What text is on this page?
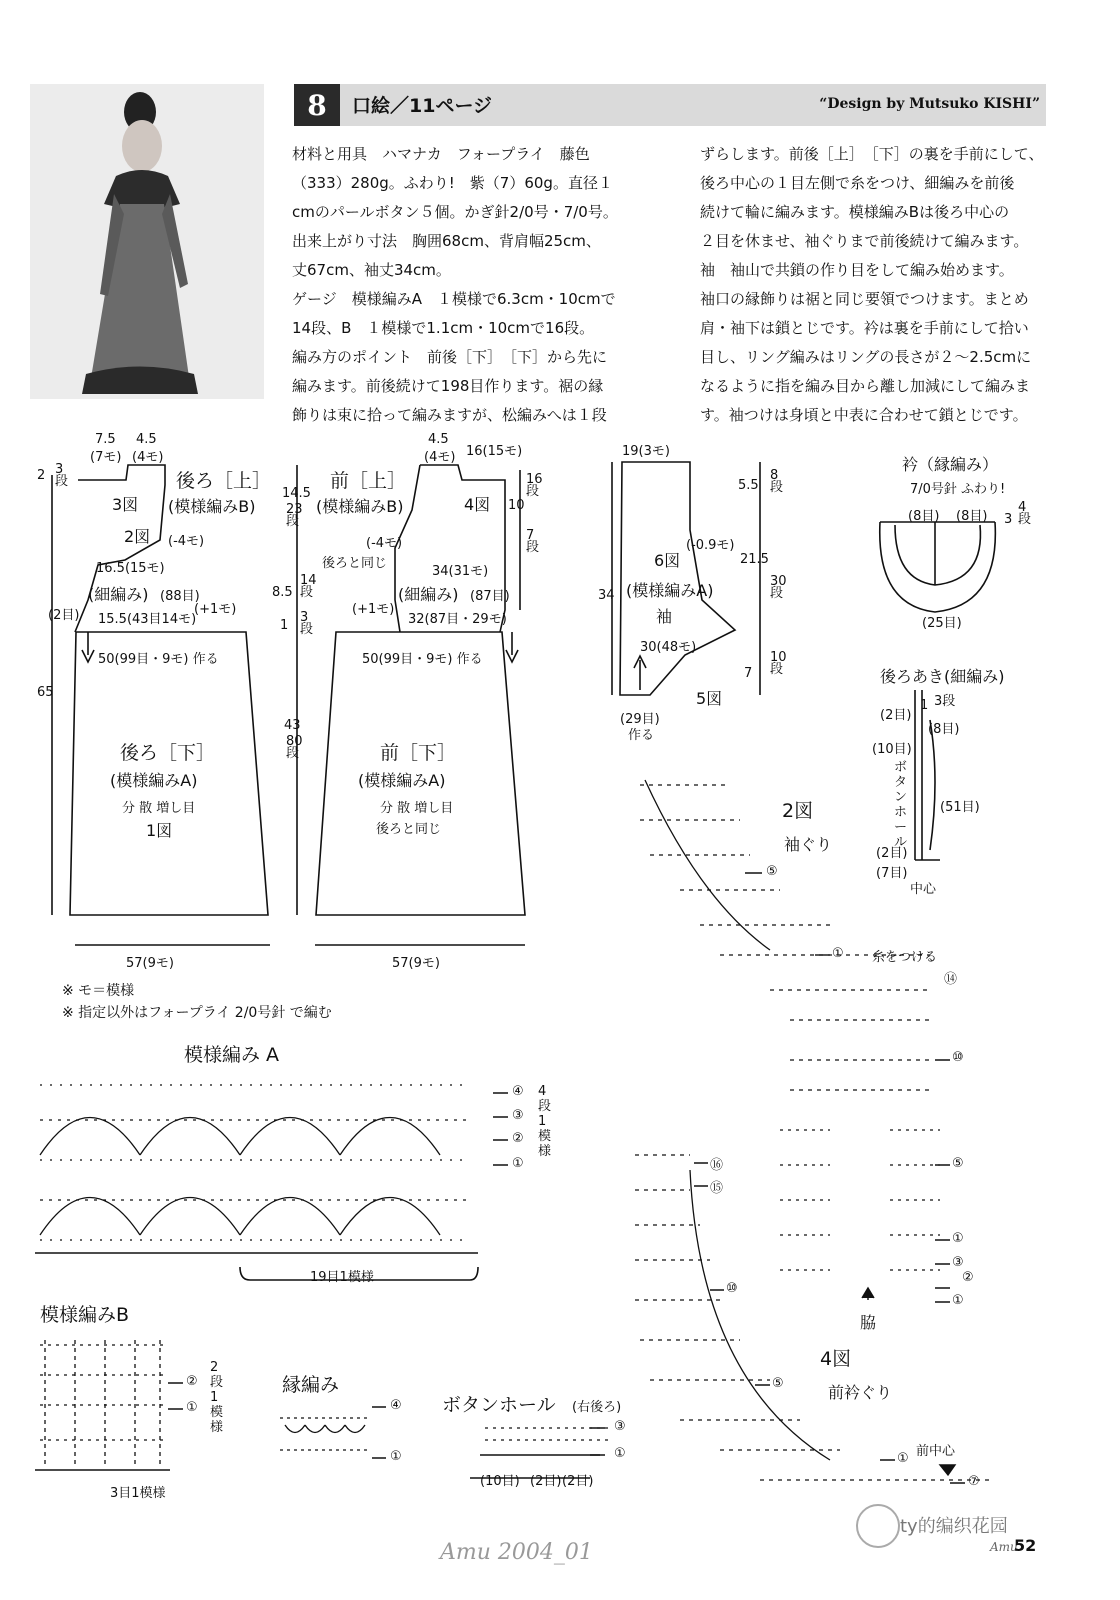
8	口絵／11ページ	“Design by Mutsuko KISHI”
材料と用具　ハマナカ　フォープライ　藤色
（333）280g。ふわり!　紫（7）60g。直径１
cmのパールボタン５個。かぎ針2/0号・7/0号。
出来上がり寸法　胸囲68cm、背肩幅25cm、
丈67cm、袖丈34cm。
ゲージ　模様編みA　１模様で6.3cm・10cmで
14段、B　１模様で1.1cm・10cmで16段。
編み方のポイント　前後［下］　［下］から先に
編みます。前後続けて198目作ります。裾の縁
飾りは束に拾って編みますが、松編みへは１段
ずらします。前後［上］　［下］の裏を手前にして、
後ろ中心の１目左側で糸をつけ、細編みを前後
続けて輪に編みます。模様編みBは後ろ中心の
２目を休ませ、袖ぐりまで前後続けて編みます。
袖　袖山で共鎖の作り目をして編み始めます。
袖口の縁飾りは裾と同じ要領でつけます。まとめ
肩・袖下は鎖とじです。衿は裏を手前にして拾い
目し、リング編みはリングの長さが２～2.5cmに
なるように指を編み目から離し加減にして編みま
す。袖つけは身頃と中表に合わせて鎖とじです。
7.5
(7モ)
4.5
(4モ)
2 3段	後ろ［上］
(模様編みB)
3図
2図 (-4モ)
16.5(15モ)
(細編み) (88目)
(+1モ)
(2目) 15.5(43目14モ)
50(99目・9モ) 作る
65
後ろ［下］
(模様編みA)
分 散 増し目
1図
57(9モ)
14.5
23段
8.5
14段
1
3段
43
80段
4.5
(4モ) 16(15モ)
前［上］
(模様編みB)	4図
(-4モ)
後ろと同じ
34(31モ)
(細編み) (87目)
(+1モ)
32(87目・29モ)
50(99目・9モ) 作る
10
16段
7段
前［下］
(模様編みA)
分 散 増し目
後ろと同じ
57(9モ)
19(3モ)
5.5
8段
(-0.9モ)
6図
34 (模様編みA)
袖
21.5
30段
30(48モ)
7
10段
5図
(29目)
作る
衿（縁編み）
7/0号針 ふわり!
(8目) (8目) 3
4段
(25目)
後ろあき(細編み)
(2目)
1 3段
(8目)
(10目)
ボタンホール
(51目)
(2目)
(7目)
中心
※ モ＝模様
※ 指定以外はフォープライ 2/0号針 で編む
模様編み A
④
③
②
①
4段1模様
19目1模様
模様編みB
②
①
2段1模様
3目1模様
縁編み
④
①
ボタンホール (右後ろ)
③
①
(10目) (2目) (2目)
2図
袖ぐり
⑤
① 糸をつける
⑭
⑩
⑤
①
③
②
①
脇
4図
前衿ぐり
⑯
⑮
⑩
⑤
① 前中心
⑦
Amu 2004_01	Amu
52
ty的编织花园
